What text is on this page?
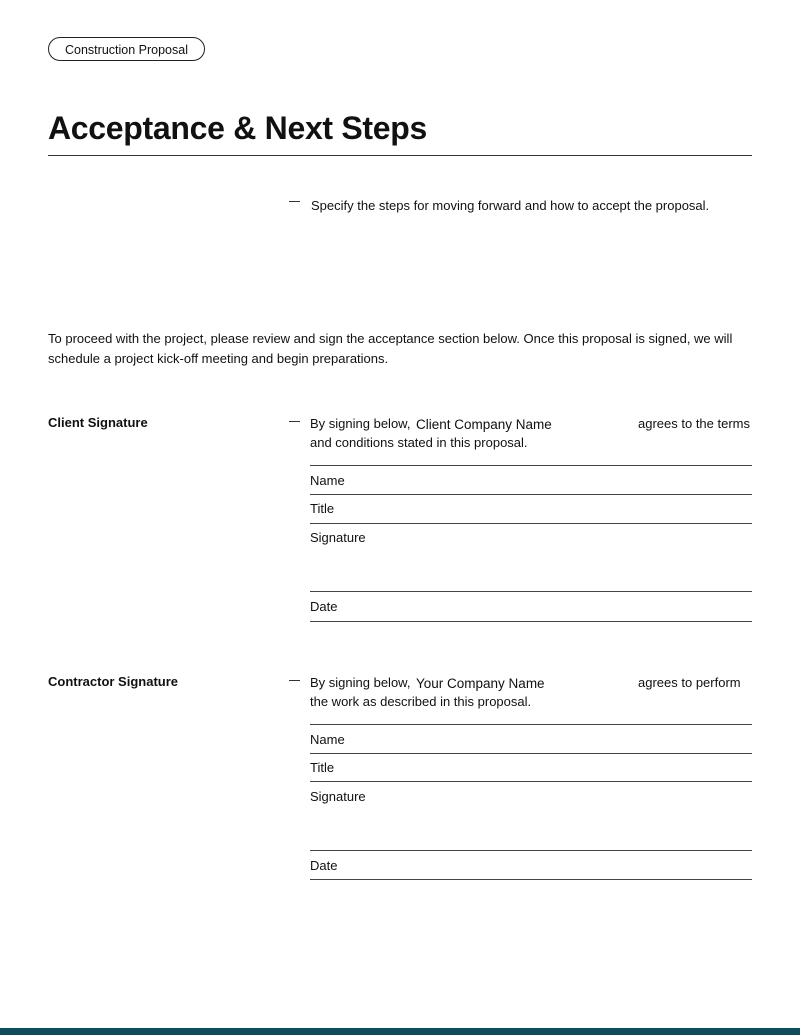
Construction Proposal
Acceptance & Next Steps
Specify the steps for moving forward and how to accept the proposal.

To proceed with the project, please review and sign the acceptance section below. Once this proposal is signed, we will schedule a project kick-off meeting and begin preparations.

Client Signature	By signing below, Client Company Name	agrees to the terms
and conditions stated in this proposal.
Name
Title
Signature
Date
Contractor Signature	By signing below, Your Company Name	agrees to perform
the work as described in this proposal.
Name
Title
Signature
Date
